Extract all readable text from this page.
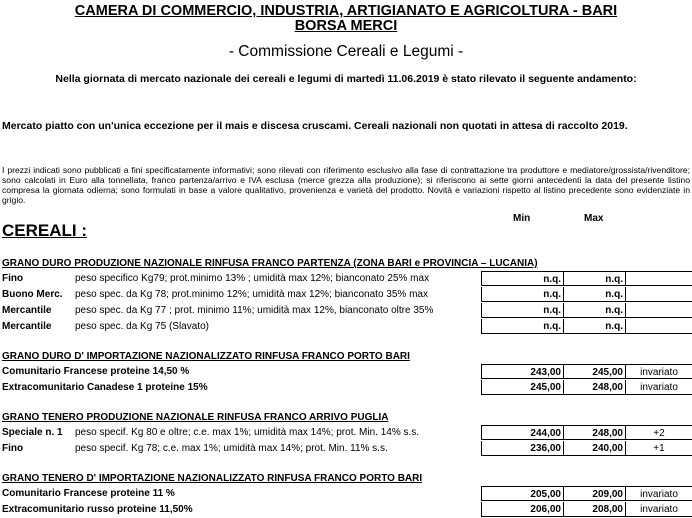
CAMERA DI COMMERCIO, INDUSTRIA, ARTIGIANATO E AGRICOLTURA - BARI
BORSA MERCI
- Commissione Cereali e Legumi -
Nella giornata di mercato nazionale dei cereali e legumi di martedì 11.06.2019 è stato rilevato il seguente andamento:
Mercato piatto con un'unica eccezione per il mais e discesa cruscami. Cereali nazionali non quotati in attesa di raccolto 2019.
I prezzi indicati sono pubblicati a fini specificatamente informativi; sono rilevati con riferimento esclusivo alla fase di contrattazione tra produttore e mediatore/grossista/rivenditore; sono calcolati in Euro alla tonnellata, franco partenza/arrivo e IVA esclusa (merce grezza alla produzione); si riferiscono ai sette giorni antecedenti la data del presente listino compresa la giornata odierna; sono formulati in base a valore qualitativo, provenienza e varietà del prodotto. Novità e variazioni rispetto al listino precedente sono evidenziate in grigio.
Min	Max
CEREALI :
GRANO DURO PRODUZIONE NAZIONALE RINFUSA FRANCO PARTENZA (ZONA BARI e PROVINCIA – LUCANIA)
Fino	peso specifico Kg79; prot.minimo 13% ; umidità max 12%; bianconato 25% max	n.q.	n.q.
Buono Merc. peso spec. da Kg 78; prot.minimo 12%; umidità max 12%; bianconato 35% max	n.q.	n.q.
Mercantile peso spec. da Kg 77 ; prot. minimo 11%; umidità max 12%, bianconato oltre 35%	n.q.	n.q.
Mercantile peso spec. da Kg 75 (Slavato)	n.q.	n.q.
GRANO DURO D' IMPORTAZIONE NAZIONALIZZATO RINFUSA FRANCO PORTO BARI
Comunitario Francese proteine 14,50 %	243,00	245,00	invariato
Extracomunitario Canadese 1 proteine 15%	245,00	248,00	invariato
GRANO TENERO PRODUZIONE NAZIONALE RINFUSA FRANCO ARRIVO PUGLIA
Speciale n. 1 peso specif. Kg 80 e oltre; c.e. max 1%; umidità max 14%; prot. Min. 14% s.s.	244,00	248,00	+2
Fino	peso specif. Kg 78; c.e. max 1%; umidità max 14%; prot. Min. 11% s.s.	236,00	240,00	+1
GRANO TENERO D' IMPORTAZIONE NAZIONALIZZATO RINFUSA FRANCO PORTO BARI
Comunitario Francese proteine 11 %	205,00	209,00	invariato
Extracomunitario russo proteine 11,50%	206,00	208,00	invariato
